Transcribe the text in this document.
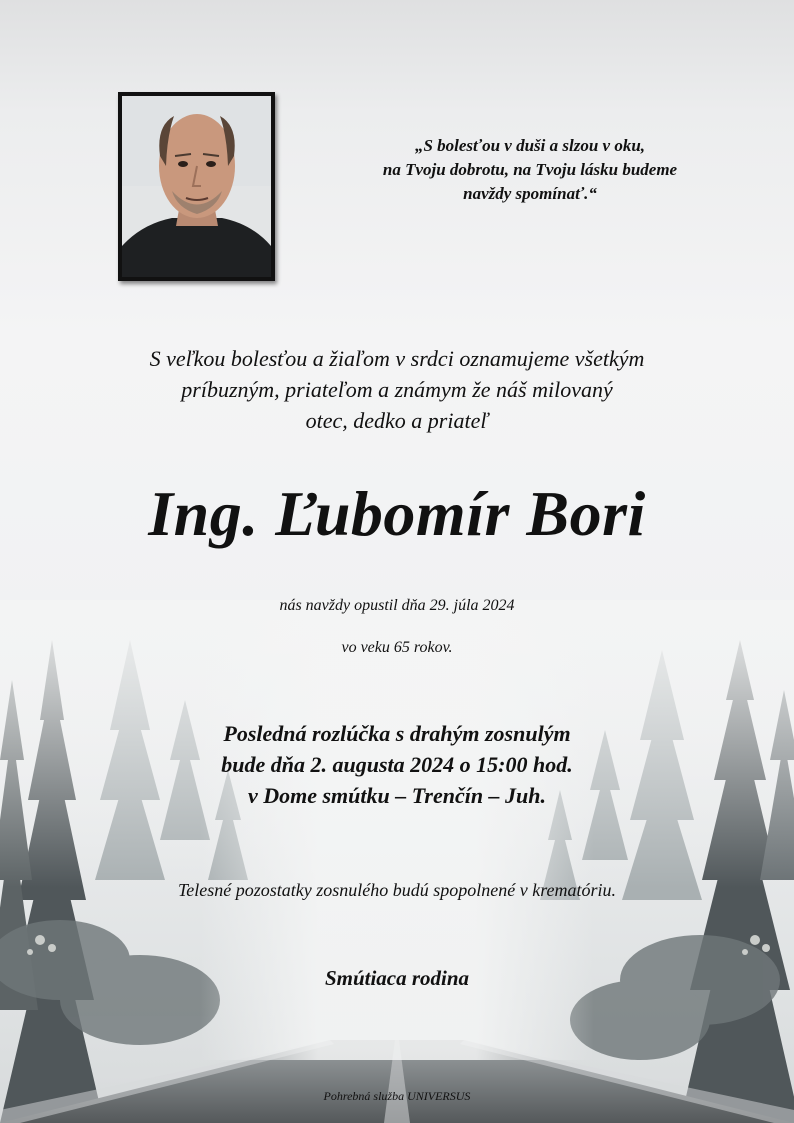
„S bolesťou v duši a slzou v oku,
na Tvoju dobrotu, na Tvoju lásku budeme
navždy spomínať.“
S veľkou bolesťou a žiaľom v srdci oznamujeme všetkým
príbuzným, priateľom a známym že náš milovaný
otec, dedko a priateľ
Ing. Ľubomír Bori
nás navždy opustil dňa 29. júla 2024
vo veku 65 rokov.
Posledná rozlúčka s drahým zosnulým
bude dňa 2. augusta 2024 o 15:00 hod.
v Dome smútku – Trenčín – Juh.
Telesné pozostatky zosnulého budú spopolnené v krematóriu.
Smútiaca rodina
Pohrebná služba UNIVERSUS
